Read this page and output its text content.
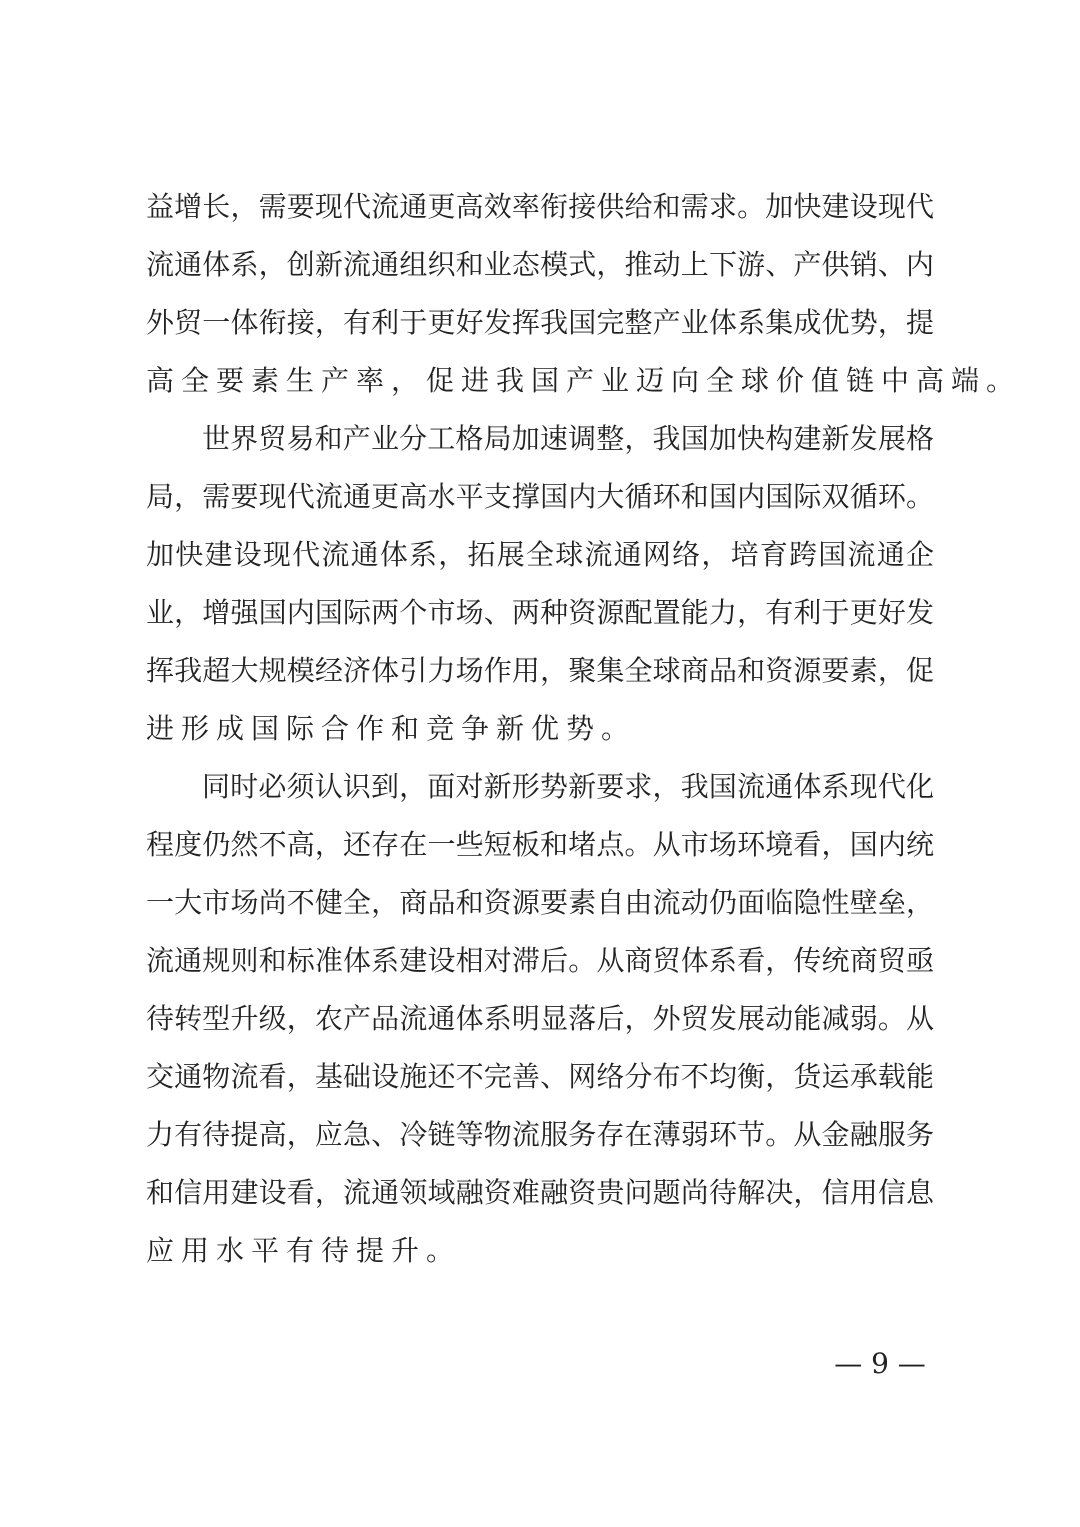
益增长，需要现代流通更高效率衔接供给和需求。加快建设现代
流通体系，创新流通组织和业态模式，推动上下游、产供销、内
外贸一体衔接，有利于更好发挥我国完整产业体系集成优势，提
高全要素生产率，促进我国产业迈向全球价值链中高端。
世界贸易和产业分工格局加速调整，我国加快构建新发展格
局，需要现代流通更高水平支撑国内大循环和国内国际双循环。
加快建设现代流通体系，拓展全球流通网络，培育跨国流通企
业，增强国内国际两个市场、两种资源配置能力，有利于更好发
挥我超大规模经济体引力场作用，聚集全球商品和资源要素，促
进形成国际合作和竞争新优势。
同时必须认识到，面对新形势新要求，我国流通体系现代化
程度仍然不高，还存在一些短板和堵点。从市场环境看，国内统
一大市场尚不健全，商品和资源要素自由流动仍面临隐性壁垒，
流通规则和标准体系建设相对滞后。从商贸体系看，传统商贸亟
待转型升级，农产品流通体系明显落后，外贸发展动能减弱。从
交通物流看，基础设施还不完善、网络分布不均衡，货运承载能
力有待提高，应急、冷链等物流服务存在薄弱环节。从金融服务
和信用建设看，流通领域融资难融资贵问题尚待解决，信用信息
应用水平有待提升。
— 9 —
